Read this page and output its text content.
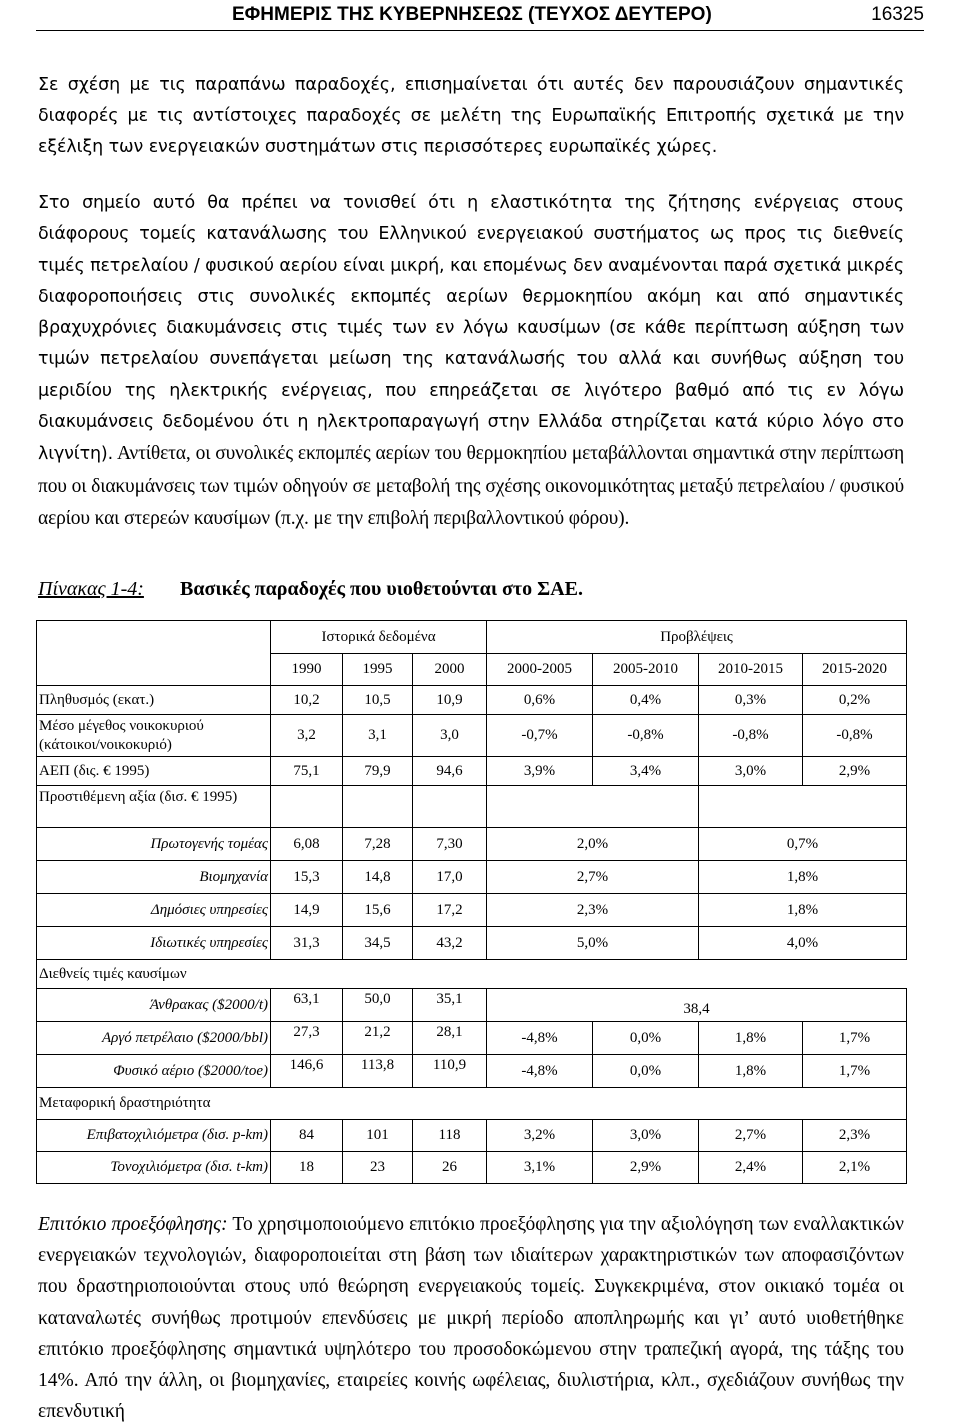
ΕΦΗΜΕΡΙΣ ΤΗΣ ΚΥΒΕΡΝΗΣΕΩΣ (ΤΕΥΧΟΣ ΔΕΥΤΕΡΟ)	16325

Σε σχέση με τις παραπάνω παραδοχές, επισημαίνεται ότι αυτές δεν παρουσιάζουν σημαντικές διαφορές με τις αντίστοιχες παραδοχές σε μελέτη της Ευρωπαϊκής Επιτροπής σχετικά με την εξέλιξη των ενεργειακών συστημάτων στις περισσότερες ευρωπαϊκές χώρες.

Στο σημείο αυτό θα πρέπει να τονισθεί ότι η ελαστικότητα της ζήτησης ενέργειας στους διάφορους τομείς κατανάλωσης του Ελληνικού ενεργειακού συστήματος ως προς τις διεθνείς τιμές πετρελαίου / φυσικού αερίου είναι μικρή, και επομένως δεν αναμένονται παρά σχετικά μικρές διαφοροποιήσεις στις συνολικές εκπομπές αερίων θερμοκηπίου ακόμη και από σημαντικές βραχυχρόνιες διακυμάνσεις στις τιμές των εν λόγω καυσίμων (σε κάθε περίπτωση αύξηση των τιμών πετρελαίου συνεπάγεται μείωση της κατανάλωσής του αλλά και συνήθως αύξηση του μεριδίου της ηλεκτρικής ενέργειας, που επηρεάζεται σε λιγότερο βαθμό από τις εν λόγω διακυμάνσεις δεδομένου ότι η ηλεκτροπαραγωγή στην Ελλάδα στηρίζεται κατά κύριο λόγο στο λιγνίτη). Αντίθετα, οι συνολικές εκπομπές αερίων του θερμοκηπίου μεταβάλλονται σημαντικά στην περίπτωση που οι διακυμάνσεις των τιμών οδηγούν σε μεταβολή της σχέσης οικονομικότητας μεταξύ πετρελαίου / φυσικού αερίου και στερεών καυσίμων (π.χ. με την επιβολή περιβαλλοντικού φόρου).

Πίνακας 1-4: Βασικές παραδοχές που υιοθετούνται στο ΣΑΕ.
	Ιστορικά δεδομένα			Προβλέψεις			
	1990	1995	2000	2000-2005	2005-2010	2010-2015	2015-2020
Πληθυσμός (εκατ.)	10,2	10,5	10,9	0,6%	0,4%	0,3%	0,2%
Μέσο μέγεθος νοικοκυριού
(κάτοικοι/νοικοκυριό)	3,2	3,1	3,0	-0,7%	-0,8%	-0,8%	-0,8%
ΑΕΠ (δις. € 1995)	75,1	79,9	94,6	3,9%	3,4%	3,0%	2,9%
Προστιθέμενη αξία (δισ. € 1995)							
Πρωτογενής τομέας	6,08	7,28	7,30	2,0%		0,7%	
Βιομηχανία	15,3	14,8	17,0	2,7%		1,8%	
Δημόσιες υπηρεσίες	14,9	15,6	17,2	2,3%		1,8%	
Ιδιωτικές υπηρεσίες	31,3	34,5	43,2	5,0%		4,0%	
Διεθνείς τιμές καυσίμων							
Άνθρακας ($2000/t)	63,1	50,0	35,1	38,4			
Αργό πετρέλαιο ($2000/bbl)	27,3	21,2	28,1	-4,8%	0,0%	1,8%	1,7%
Φυσικό αέριο ($2000/toe)	146,6	113,8	110,9	-4,8%	0,0%	1,8%	1,7%
Μεταφορική δραστηριότητα							
Επιβατοχιλιόμετρα (δισ. p-km)	84	101	118	3,2%	3,0%	2,7%	2,3%
Τονοχιλιόμετρα (δισ. t-km)	18	23	26	3,1%	2,9%	2,4%	2,1%

Επιτόκιο προεξόφλησης: Το χρησιμοποιούμενο επιτόκιο προεξόφλησης για την αξιολόγηση των εναλλακτικών ενεργειακών τεχνολογιών, διαφοροποιείται στη βάση των ιδιαίτερων χαρακτηριστικών των αποφασιζόντων που δραστηριοποιούνται στους υπό θεώρηση ενεργειακούς τομείς. Συγκεκριμένα, στον οικιακό τομέα οι καταναλωτές συνήθως προτιμούν επενδύσεις με μικρή περίοδο αποπληρωμής και γι’ αυτό υιοθετήθηκε επιτόκιο προεξόφλησης σημαντικά υψηλότερο του προσοδοκώμενου στην τραπεζική αγορά, της τάξης του 14%. Από την άλλη, οι βιομηχανίες, εταιρείες κοινής ωφέλειας, διυλιστήρια, κλπ., σχεδιάζουν συνήθως την επενδυτική
